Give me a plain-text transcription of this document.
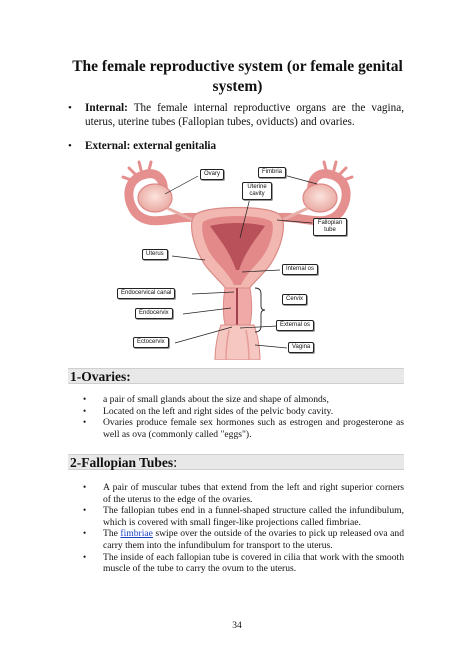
The female reproductive system (or female genital system)
• Internal: The female internal reproductive organs are the vagina, uterus, uterine tubes (Fallopian tubes, oviducts) and ovaries.
• External: external genitalia
Ovary	Fimbria
Uterine cavity
Fallopian tube
Uterus
Internal os
Endocervical canal
Cervix
Endocervix
External os
Ectocervix
Vagina
1-Ovaries:
• a pair of small glands about the size and shape of almonds,
• Located on the left and right sides of the pelvic body cavity.
• Ovaries produce female sex hormones such as estrogen and progesterone as well as ova (commonly called "eggs").
2-Fallopian Tubes:
• A pair of muscular tubes that extend from the left and right superior corners of the uterus to the edge of the ovaries.
• The fallopian tubes end in a funnel-shaped structure called the infundibulum, which is covered with small finger-like projections called fimbriae.
• The fimbriae swipe over the outside of the ovaries to pick up released ova and carry them into the infundibulum for transport to the uterus.
• The inside of each fallopian tube is covered in cilia that work with the smooth muscle of the tube to carry the ovum to the uterus.
34
